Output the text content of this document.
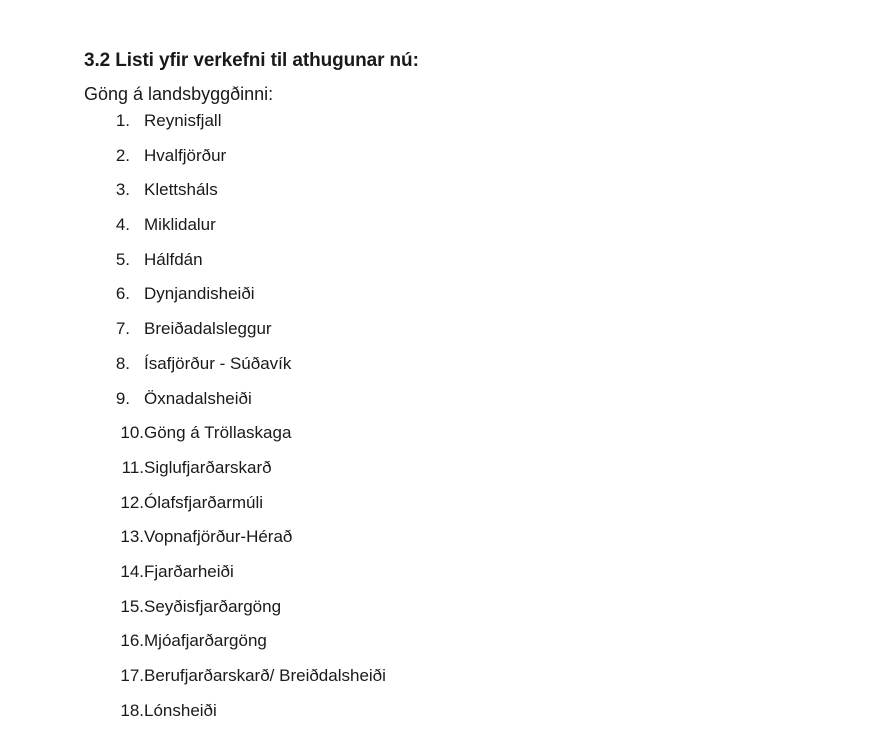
3.2 Listi yfir verkefni til athugunar nú:

Göng á landsbyggðinni:

1. Reynisfjall
2. Hvalfjörður
3. Klettsháls
4. Miklidalur
5. Hálfdán
6. Dynjandisheiði
7. Breiðadalsleggur
8. Ísafjörður - Súðavík
9. Öxnadalsheiði
10. Göng á Tröllaskaga
11. Siglufjarðarskarð
12. Ólafsfjarðarmúli
13. Vopnafjörður-Hérað
14. Fjarðarheiði
15. Seyðisfjarðargöng
16. Mjóafjarðargöng
17. Berufjarðarskarð/ Breiðdalsheiði
18. Lónsheiði
